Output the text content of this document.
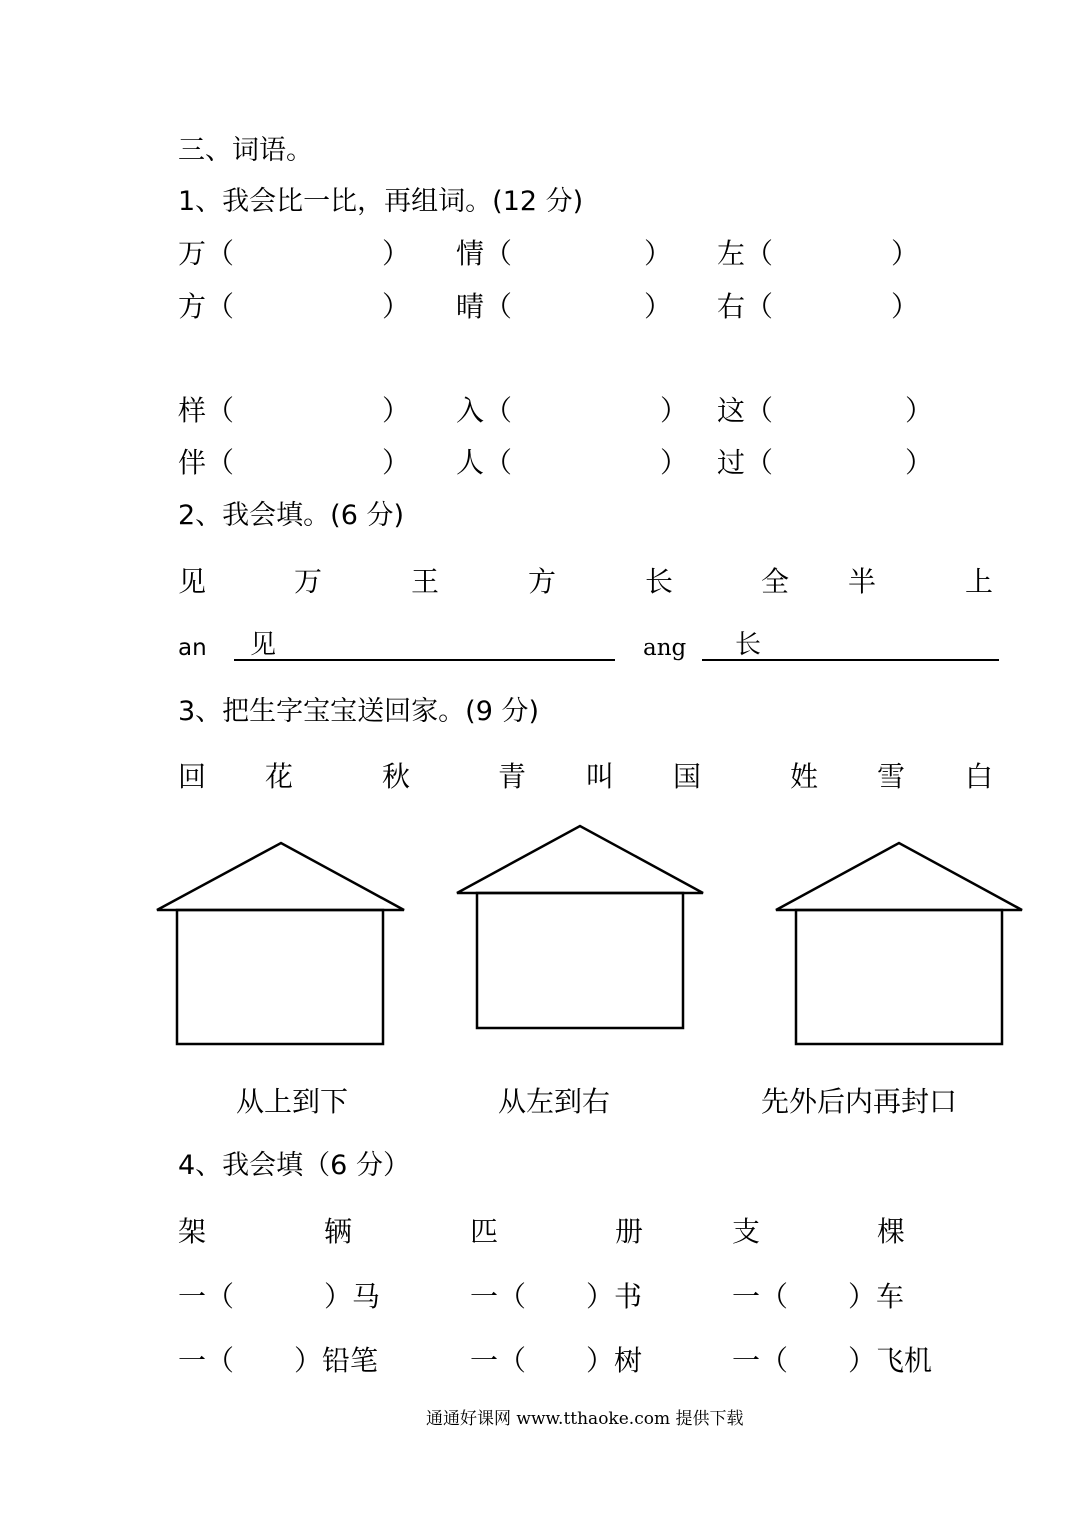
三、词语。
1、我会比一比，再组词。(12 分)
万（	） 情（	） 左（	）
方（	） 晴（	） 右（	）
样（	） 入（	） 这（	）
伴（	） 人（	） 过（	）
2、我会填。(6 分)
见	万	王	方	长	全 半	上
an 见	ang 长
3、把生字宝宝送回家。(9 分)
回 花	秋	青 叫 国	姓 雪 白
从上到下	从左到右	先外后内再封口
4、我会填（6 分）
架	辆	匹	册	支	棵
一（	）马	一（ ）书	一（ ）车
一（ ）铅笔	一（ ）树	一（ ）飞机
通通好课网 www.tthaoke.com 提供下载
